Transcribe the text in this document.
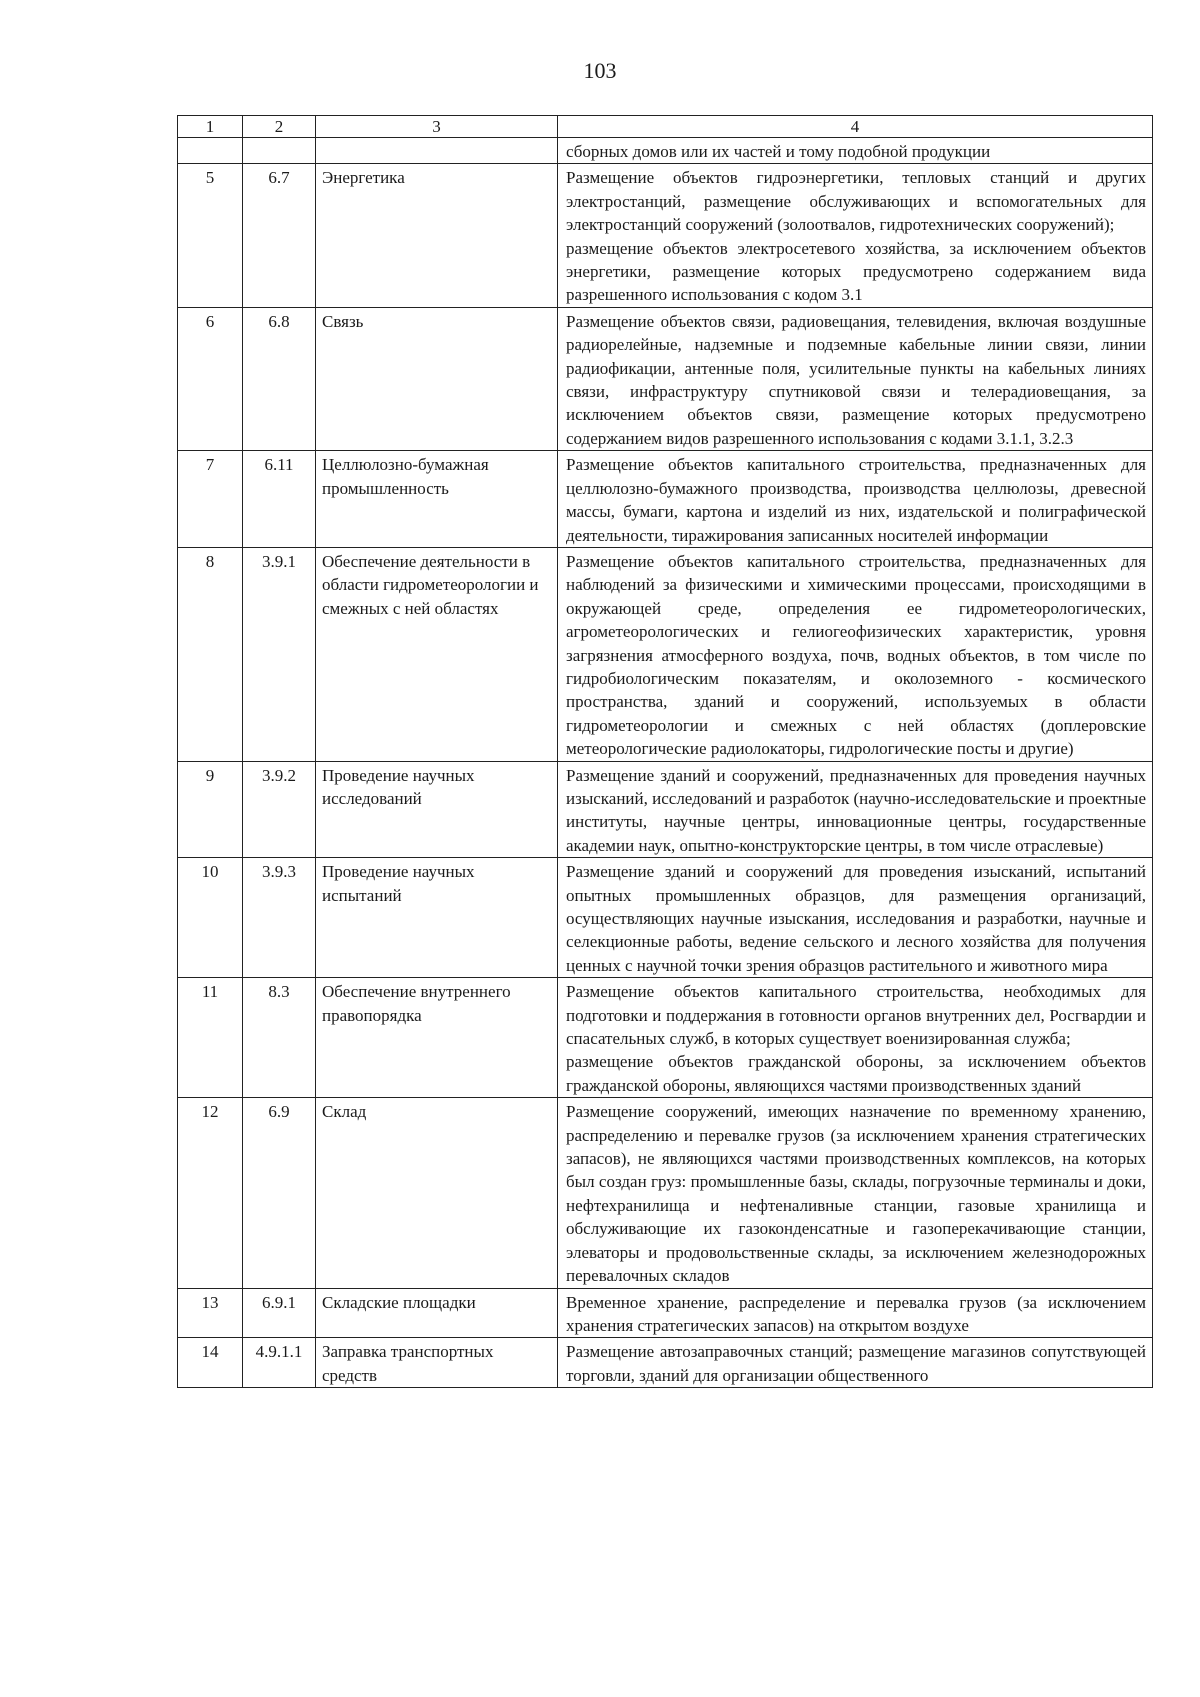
103
1	2	3	4

			сборных домов или их частей и тому подобной продукции

5	6.7	Энергетика	Размещение объектов гидроэнергетики, тепловых станций и других электростанций, размещение обслуживающих и вспомогательных для электростанций сооружений (золоотвалов, гидротехнических сооружений);
размещение объектов электросетевого хозяйства, за исключением объектов энергетики, размещение которых предусмотрено содержанием вида разрешенного использования с кодом 3.1

6	6.8	Связь	Размещение объектов связи, радиовещания, телевидения, включая воздушные радиорелейные, надземные и подземные кабельные линии связи, линии радиофикации, антенные поля, усилительные пункты на кабельных линиях связи, инфраструктуру спутниковой связи и телерадиовещания, за исключением объектов связи, размещение которых предусмотрено содержанием видов разрешенного использования с кодами 3.1.1, 3.2.3

7	6.11	Целлюлозно-бумажная промышленность	Размещение объектов капитального строительства, предназначенных для целлюлозно-бумажного производства, производства целлюлозы, древесной массы, бумаги, картона и изделий из них, издательской и полиграфической деятельности, тиражирования записанных носителей информации

8	3.9.1	Обеспечение деятельности в области гидрометеорологии и смежных с ней областях	Размещение объектов капитального строительства, предназначенных для наблюдений за физическими и химическими процессами, происходящими в окружающей среде, определения ее гидрометеорологических, агрометеорологических и гелиогеофизических характеристик, уровня загрязнения атмосферного воздуха, почв, водных объектов, в том числе по гидробиологическим показателям, и околоземного - космического пространства, зданий и сооружений, используемых в области гидрометеорологии и смежных с ней областях (доплеровские метеорологические радиолокаторы, гидрологические посты и другие)

9	3.9.2	Проведение научных исследований	Размещение зданий и сооружений, предназначенных для проведения научных изысканий, исследований и разработок (научно-исследовательские и проектные институты, научные центры, инновационные центры, государственные академии наук, опытно-конструкторские центры, в том числе отраслевые)

10	3.9.3	Проведение научных испытаний	Размещение зданий и сооружений для проведения изысканий, испытаний опытных промышленных образцов, для размещения организаций, осуществляющих научные изыскания, исследования и разработки, научные и селекционные работы, ведение сельского и лесного хозяйства для получения ценных с научной точки зрения образцов растительного и животного мира

11	8.3	Обеспечение внутреннего правопорядка	Размещение объектов капитального строительства, необходимых для подготовки и поддержания в готовности органов внутренних дел, Росгвардии и спасательных служб, в которых существует военизированная служба;
размещение объектов гражданской обороны, за исключением объектов гражданской обороны, являющихся частями производственных зданий

12	6.9	Склад	Размещение сооружений, имеющих назначение по временному хранению, распределению и перевалке грузов (за исключением хранения стратегических запасов), не являющихся частями производственных комплексов, на которых был создан груз: промышленные базы, склады, погрузочные терминалы и доки, нефтехранилища и нефтеналивные станции, газовые хранилища и обслуживающие их газоконденсатные и газоперекачивающие станции, элеваторы и продовольственные склады, за исключением железнодорожных перевалочных складов

13	6.9.1	Складские площадки	Временное хранение, распределение и перевалка грузов (за исключением хранения стратегических запасов) на открытом воздухе

14	4.9.1.1	Заправка транспортных средств	Размещение автозаправочных станций; размещение магазинов сопутствующей торговли, зданий для организации общественного
